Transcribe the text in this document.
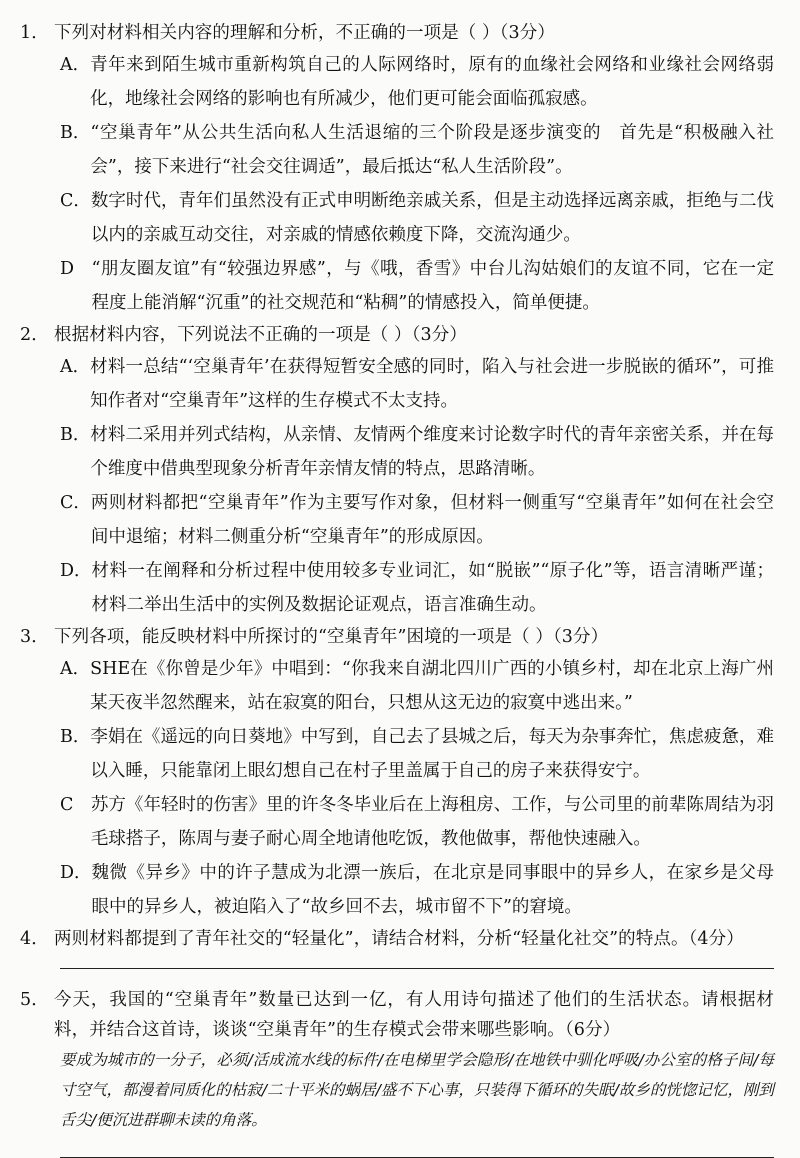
1． 下列对材料相关内容的理解和分析，不正确的一项是（ ）（3分）
A． 青年来到陌生城市重新构筑自己的人际网络时，原有的血缘社会网络和业缘社会网络弱化，地缘社会网络的影响也有所减少，他们更可能会面临孤寂感。
B． “空巢青年”从公共生活向私人生活退缩的三个阶段是逐步演变的　首先是“积极融入社会”，接下来进行“社会交往调适”，最后抵达“私人生活阶段”。
C． 数字时代，青年们虽然没有正式申明断绝亲戚关系，但是主动选择远离亲戚，拒绝与二伐以内的亲戚互动交往，对亲戚的情感依赖度下降，交流沟通少。
D　 “朋友圈友谊”有“较强边界感”，与《哦，香雪》中台儿沟姑娘们的友谊不同，它在一定程度上能消解“沉重”的社交规范和“粘稠”的情感投入，简单便捷。
2． 根据材料内容，下列说法不正确的一项是（ ）（3分）
A． 材料一总结“‘空巢青年’在获得短暂安全感的同时，陷入与社会进一步脱嵌的循环”，可推知作者对“空巢青年”这样的生存模式不太支持。
B． 材料二采用并列式结构，从亲情、友情两个维度来讨论数字时代的青年亲密关系，并在每个维度中借典型现象分析青年亲情友情的特点，思路清晰。
C． 两则材料都把“空巢青年”作为主要写作对象，但材料一侧重写“空巢青年”如何在社会空间中退缩；材料二侧重分析“空巢青年”的形成原因。
D． 材料一在阐释和分析过程中使用较多专业词汇，如“脱嵌”“原子化”等，语言清晰严谨；材料二举出生活中的实例及数据论证观点，语言准确生动。
3． 下列各项，能反映材料中所探讨的“空巢青年”困境的一项是（ ）（3分）
A． SHE在《你曾是少年》中唱到：“你我来自湖北四川广西的小镇乡村，却在北京上海广州某天夜半忽然醒来，站在寂寞的阳台，只想从这无边的寂寞中逃出来。”
B． 李娟在《遥远的向日葵地》中写到，自己去了县城之后，每天为杂事奔忙，焦虑疲惫，难以入睡，只能靠闭上眼幻想自己在村子里盖属于自己的房子来获得安宁。
C　 苏方《年轻时的伤害》里的许冬冬毕业后在上海租房、工作，与公司里的前辈陈周结为羽毛球搭子，陈周与妻子耐心周全地请他吃饭，教他做事，帮他快速融入。
D． 魏微《异乡》中的许子慧成为北漂一族后，在北京是同事眼中的异乡人，在家乡是父母眼中的异乡人，被迫陷入了“故乡回不去，城市留不下”的窘境。
4． 两则材料都提到了青年社交的“轻量化”，请结合材料，分析“轻量化社交”的特点。（4分）
5． 今天，我国的“空巢青年”数量已达到一亿，有人用诗句描述了他们的生活状态。请根据材料，并结合这首诗，谈谈“空巢青年”的生存模式会带来哪些影响。（6分）
要成为城市的一分子，必须/活成流水线的标件/在电梯里学会隐形/在地铁中驯化呼吸/办公室的格子间/每寸空气，都漫着同质化的枯寂/二十平米的蜗居/盛不下心事，只装得下循环的失眠/故乡的恍惚记忆，刚到舌尖/便沉进群聊未读的角落。
